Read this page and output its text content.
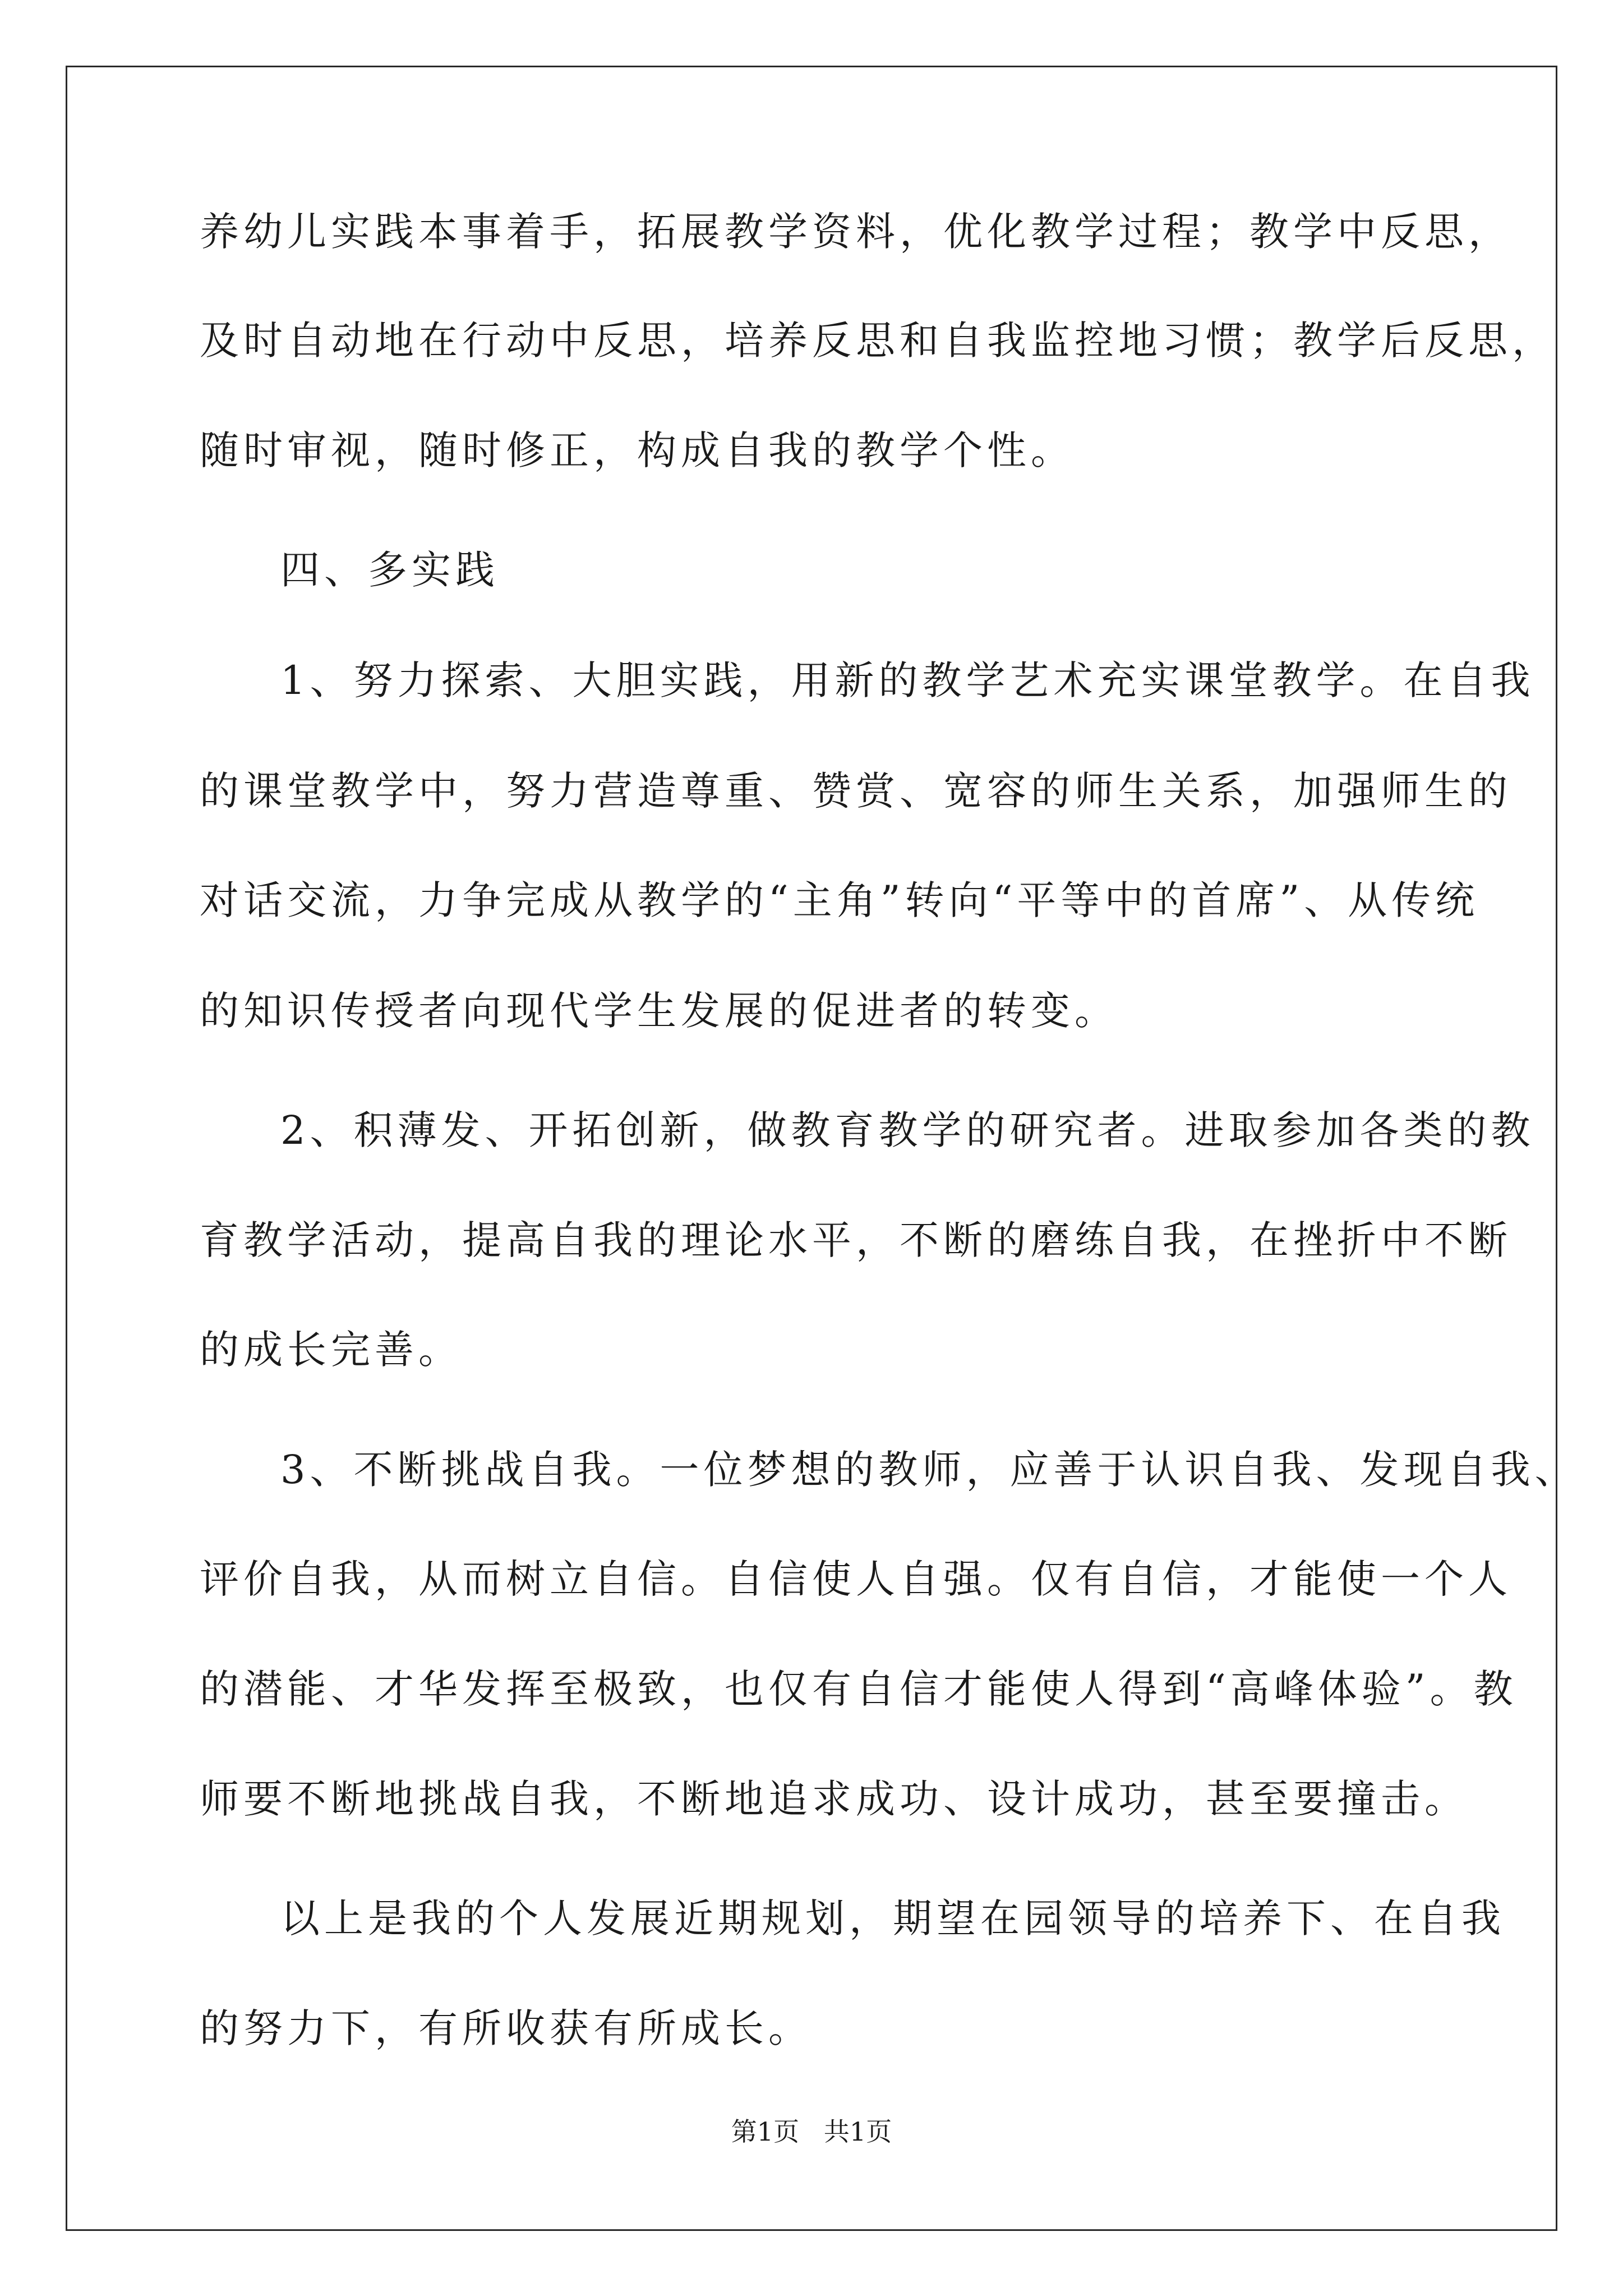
养幼儿实践本事着手，拓展教学资料，优化教学过程；教学中反思，
及时自动地在行动中反思，培养反思和自我监控地习惯；教学后反思，
随时审视，随时修正，构成自我的教学个性。
四、多实践
1、努力探索、大胆实践，用新的教学艺术充实课堂教学。在自我
的课堂教学中，努力营造尊重、赞赏、宽容的师生关系，加强师生的
对话交流，力争完成从教学的“主角”转向“平等中的首席”、从传统
的知识传授者向现代学生发展的促进者的转变。
2、积薄发、开拓创新，做教育教学的研究者。进取参加各类的教
育教学活动，提高自我的理论水平，不断的磨练自我，在挫折中不断
的成长完善。
3、不断挑战自我。一位梦想的教师，应善于认识自我、发现自我、
评价自我，从而树立自信。自信使人自强。仅有自信，才能使一个人
的潜能、才华发挥至极致，也仅有自信才能使人得到“高峰体验”。教
师要不断地挑战自我，不断地追求成功、设计成功，甚至要撞击。
以上是我的个人发展近期规划，期望在园领导的培养下、在自我
的努力下，有所收获有所成长。
第1页   共1页
